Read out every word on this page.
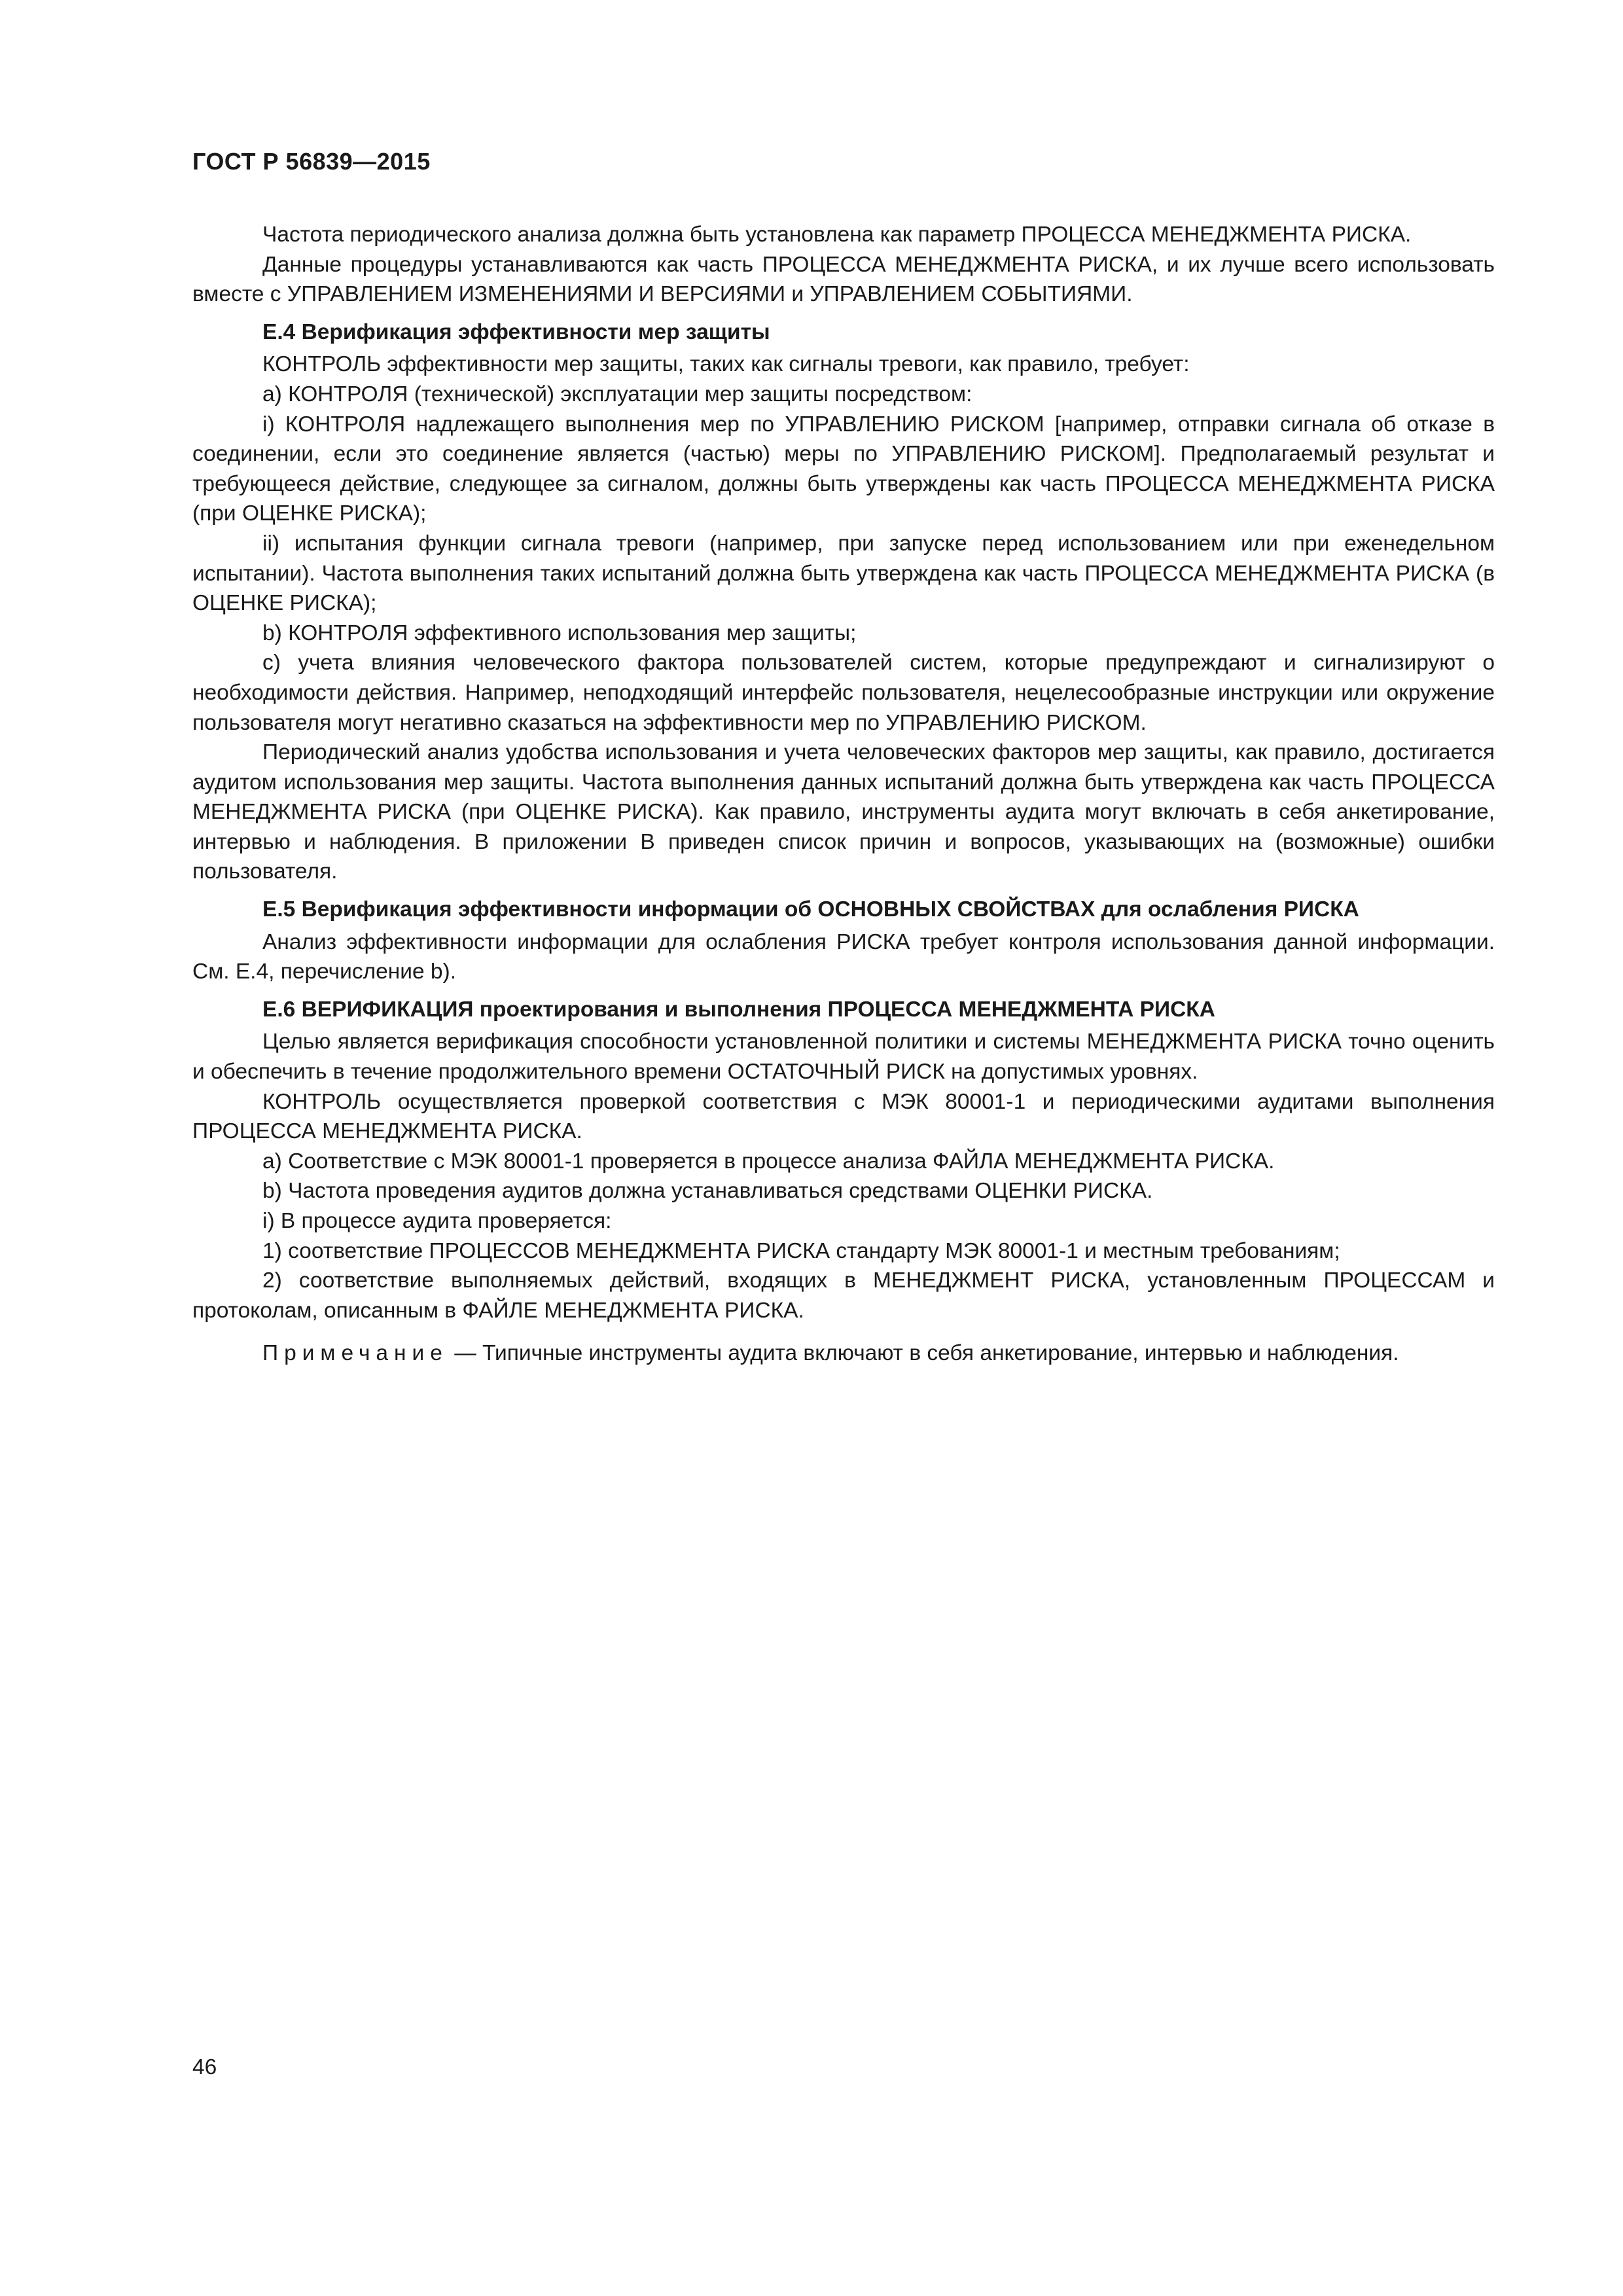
ГОСТ Р 56839—2015

Частота периодического анализа должна быть установлена как параметр ПРОЦЕССА МЕНЕДЖМЕНТА РИСКА.

Данные процедуры устанавливаются как часть ПРОЦЕССА МЕНЕДЖМЕНТА РИСКА, и их лучше всего использовать вместе с УПРАВЛЕНИЕМ ИЗМЕНЕНИЯМИ И ВЕРСИЯМИ и УПРАВЛЕНИЕМ СОБЫТИЯМИ.

Е.4 Верификация эффективности мер защиты

КОНТРОЛЬ эффективности мер защиты, таких как сигналы тревоги, как правило, требует:

a) КОНТРОЛЯ (технической) эксплуатации мер защиты посредством:

i) КОНТРОЛЯ надлежащего выполнения мер по УПРАВЛЕНИЮ РИСКОМ [например, отправки сигнала об отказе в соединении, если это соединение является (частью) меры по УПРАВЛЕНИЮ РИСКОМ]. Предполагаемый результат и требующееся действие, следующее за сигналом, должны быть утверждены как часть ПРОЦЕССА МЕНЕДЖМЕНТА РИСКА (при ОЦЕНКЕ РИСКА);

ii) испытания функции сигнала тревоги (например, при запуске перед использованием или при еженедельном испытании). Частота выполнения таких испытаний должна быть утверждена как часть ПРОЦЕССА МЕНЕДЖМЕНТА РИСКА (в ОЦЕНКЕ РИСКА);

b) КОНТРОЛЯ эффективного использования мер защиты;

c) учета влияния человеческого фактора пользователей систем, которые предупреждают и сигнализируют о необходимости действия. Например, неподходящий интерфейс пользователя, нецелесообразные инструкции или окружение пользователя могут негативно сказаться на эффективности мер по УПРАВЛЕНИЮ РИСКОМ.

Периодический анализ удобства использования и учета человеческих факторов мер защиты, как правило, достигается аудитом использования мер защиты. Частота выполнения данных испытаний должна быть утверждена как часть ПРОЦЕССА МЕНЕДЖМЕНТА РИСКА (при ОЦЕНКЕ РИСКА). Как правило, инструменты аудита могут включать в себя анкетирование, интервью и наблюдения. В приложении B приведен список причин и вопросов, указывающих на (возможные) ошибки пользователя.

Е.5 Верификация эффективности информации об ОСНОВНЫХ СВОЙСТВАХ для ослабления РИСКА

Анализ эффективности информации для ослабления РИСКА требует контроля использования данной информации. См. Е.4, перечисление b).

Е.6 ВЕРИФИКАЦИЯ проектирования и выполнения ПРОЦЕССА МЕНЕДЖМЕНТА РИСКА

Целью является верификация способности установленной политики и системы МЕНЕДЖМЕНТА РИСКА точно оценить и обеспечить в течение продолжительного времени ОСТАТОЧНЫЙ РИСК на допустимых уровнях.

КОНТРОЛЬ осуществляется проверкой соответствия с МЭК 80001-1 и периодическими аудитами выполнения ПРОЦЕССА МЕНЕДЖМЕНТА РИСКА.

a) Соответствие с МЭК 80001-1 проверяется в процессе анализа ФАЙЛА МЕНЕДЖМЕНТА РИСКА.

b) Частота проведения аудитов должна устанавливаться средствами ОЦЕНКИ РИСКА.

i) В процессе аудита проверяется:

1) соответствие ПРОЦЕССОВ МЕНЕДЖМЕНТА РИСКА стандарту МЭК 80001-1 и местным требованиям;

2) соответствие выполняемых действий, входящих в МЕНЕДЖМЕНТ РИСКА, установленным ПРОЦЕССАМ и протоколам, описанным в ФАЙЛЕ МЕНЕДЖМЕНТА РИСКА.

Примечание — Типичные инструменты аудита включают в себя анкетирование, интервью и наблюдения.

46
